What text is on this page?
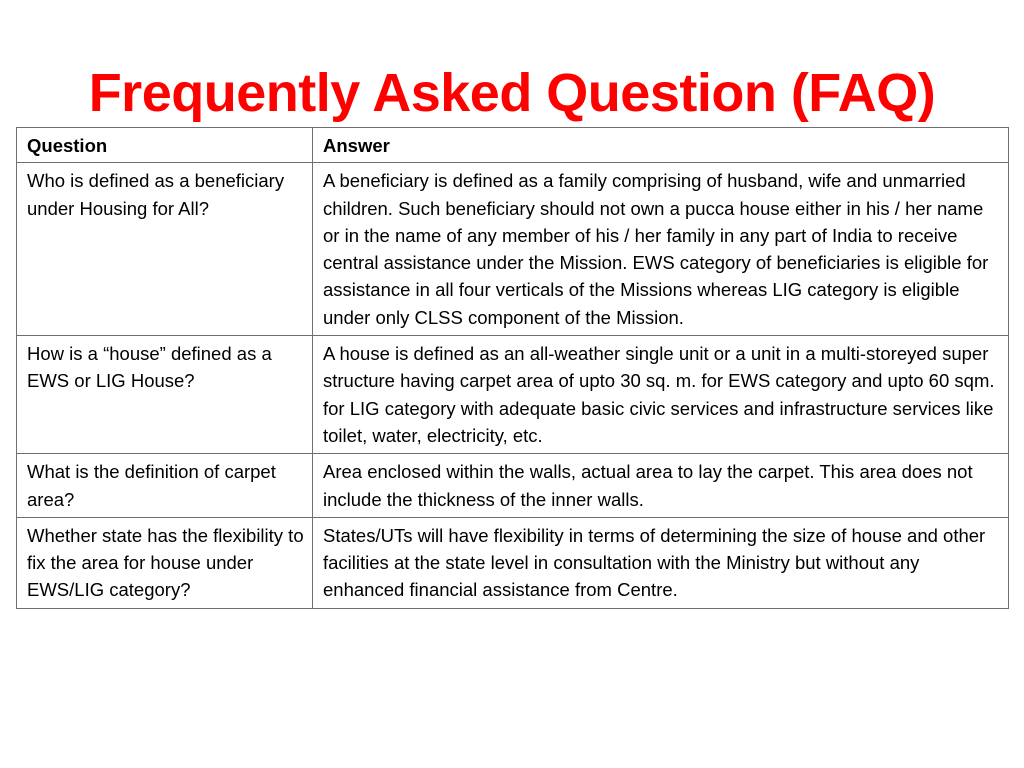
Frequently Asked Question (FAQ)
Question	Answer
Who is defined as a beneficiary under Housing for All?	A beneficiary is defined as a family comprising of husband, wife and unmarried children. Such beneficiary should not own a pucca house either in his / her name or in the name of any member of his / her family in any part of India to receive central assistance under the Mission. EWS category of beneficiaries is eligible for assistance in all four verticals of the Missions whereas LIG category is eligible under only CLSS component of the Mission.
How is a “house” defined as a EWS or LIG House?	A house is defined as an all-weather single unit or a unit in a multi-storeyed super structure having carpet area of upto 30 sq. m. for EWS category and upto 60 sqm. for LIG category with adequate basic civic services and infrastructure services like toilet, water, electricity, etc.
What is the definition of carpet area?	Area enclosed within the walls, actual area to lay the carpet. This area does not include the thickness of the inner walls.
Whether state has the flexibility to fix the area for house under EWS/LIG category?	States/UTs will have flexibility in terms of determining the size of house and other facilities at the state level in consultation with the Ministry but without any enhanced financial assistance from Centre.
